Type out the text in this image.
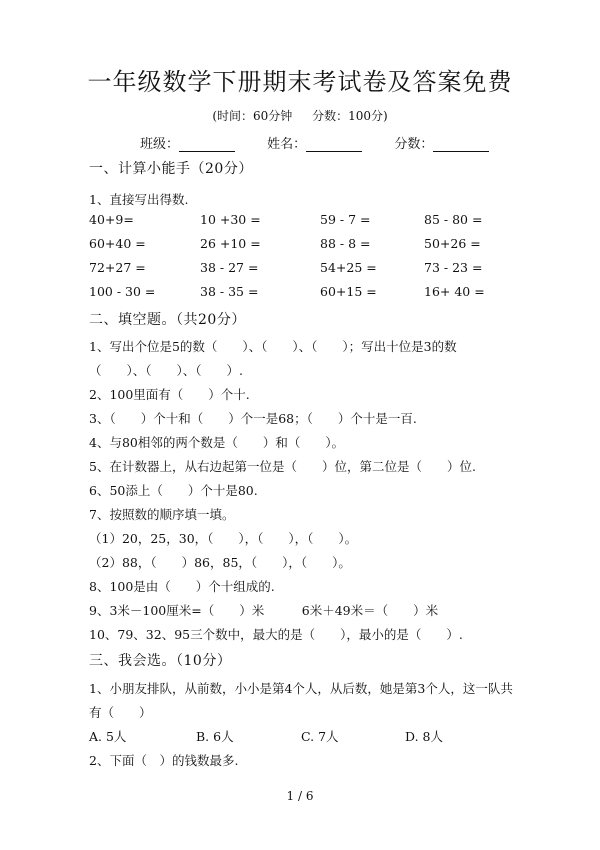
一年级数学下册期末考试卷及答案免费
(时间：60分钟 分数：100分)
班级：	姓名：	分数：
一、计算小能手（20分）
1、直接写出得数.
40+9=	10 +30 =	59 - 7 =	85 - 80 =
60+40 =	26 +10 =	88 - 8 =	50+26 =
72+27 =	38 - 27 =	54+25 =	73 - 23 =
100 - 30 =	38 - 35 =	60+15 =	16+ 40 =
二、填空题。（共20分）
1、写出个位是5的数（　　）、（　　）、（　　）；写出十位是3的数
（　　）、（　　）、（　　）.
2、100里面有（　　）个十.
3、（　　）个十和（　　）个一是68；（　　）个十是一百.
4、与80相邻的两个数是（　　）和（　　）。
5、在计数器上，从右边起第一位是（　　）位，第二位是（　　）位.
6、50添上（　　）个十是80.
7、按照数的顺序填一填。
（1）20，25，30，（　　），（　　），（　　）。
（2）88，（　　）86，85，（　　），（　　）。
8、100是由（　　）个十组成的.
9、3米－100厘米=（　　）米　　　6米＋49米＝（　　）米
10、79、32、95三个数中，最大的是（　　），最小的是（　　）.
三、我会选。（10分）
1、小朋友排队，从前数，小小是第4个人，从后数，她是第3个人，这一队共
有（　　）
A. 5人	B. 6人	C. 7人	D. 8人
2、下面（　）的钱数最多.
1 / 6
